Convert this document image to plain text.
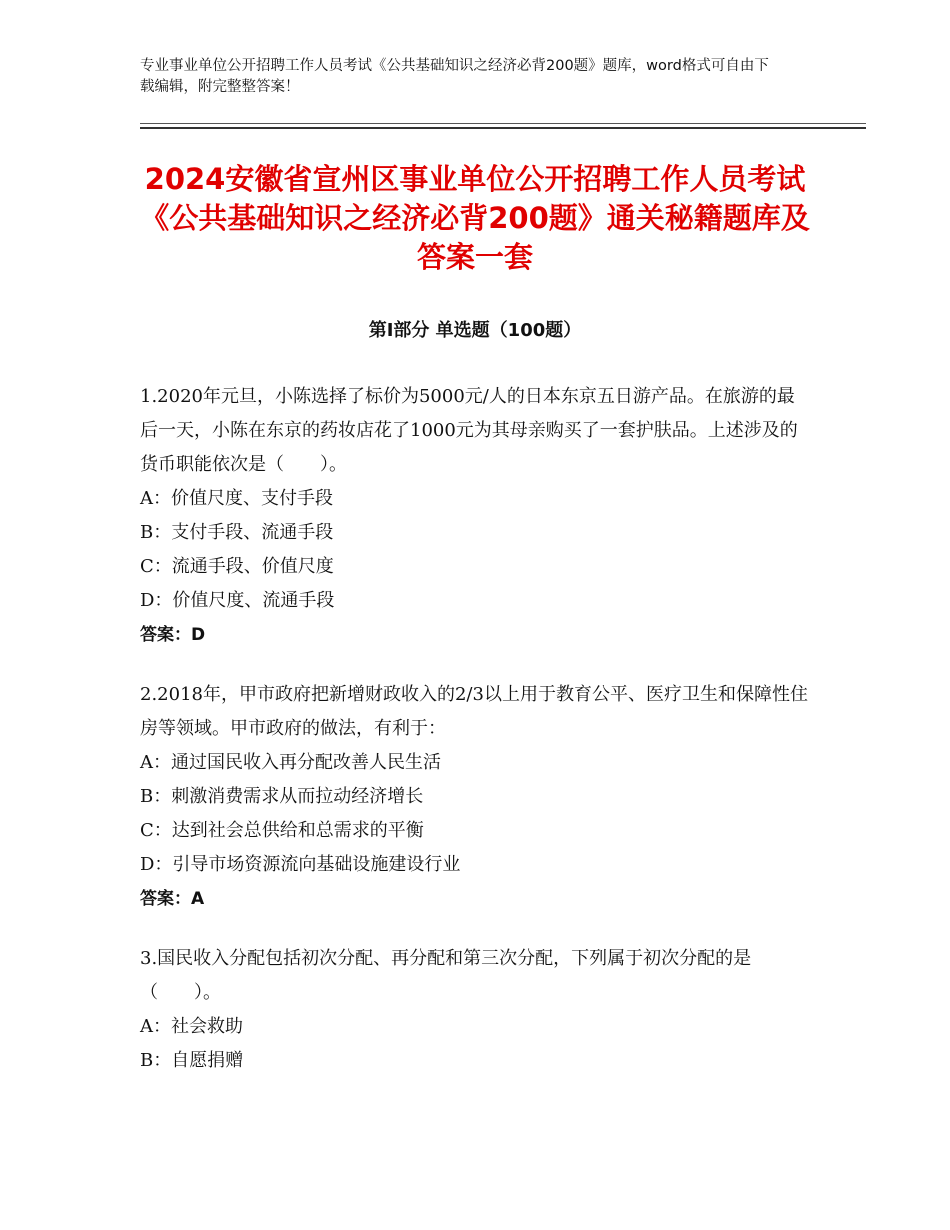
专业事业单位公开招聘工作人员考试《公共基础知识之经济必背200题》题库，word格式可自由下载编辑，附完整整答案！

2024安徽省宣州区事业单位公开招聘工作人员考试《公共基础知识之经济必背200题》通关秘籍题库及答案一套
第Ⅰ部分 单选题（100题）

1.2020年元旦，小陈选择了标价为5000元/人的日本东京五日游产品。在旅游的最后一天，小陈在东京的药妆店花了1000元为其母亲购买了一套护肤品。上述涉及的货币职能依次是（　　）。

A：价值尺度、支付手段

B：支付手段、流通手段

C：流通手段、价值尺度

D：价值尺度、流通手段

答案：D

2.2018年，甲市政府把新增财政收入的2/3以上用于教育公平、医疗卫生和保障性住房等领域。甲市政府的做法，有利于：

A：通过国民收入再分配改善人民生活

B：刺激消费需求从而拉动经济增长

C：达到社会总供给和总需求的平衡

D：引导市场资源流向基础设施建设行业

答案：A

3.国民收入分配包括初次分配、再分配和第三次分配，下列属于初次分配的是（　　）。

A：社会救助

B：自愿捐赠
